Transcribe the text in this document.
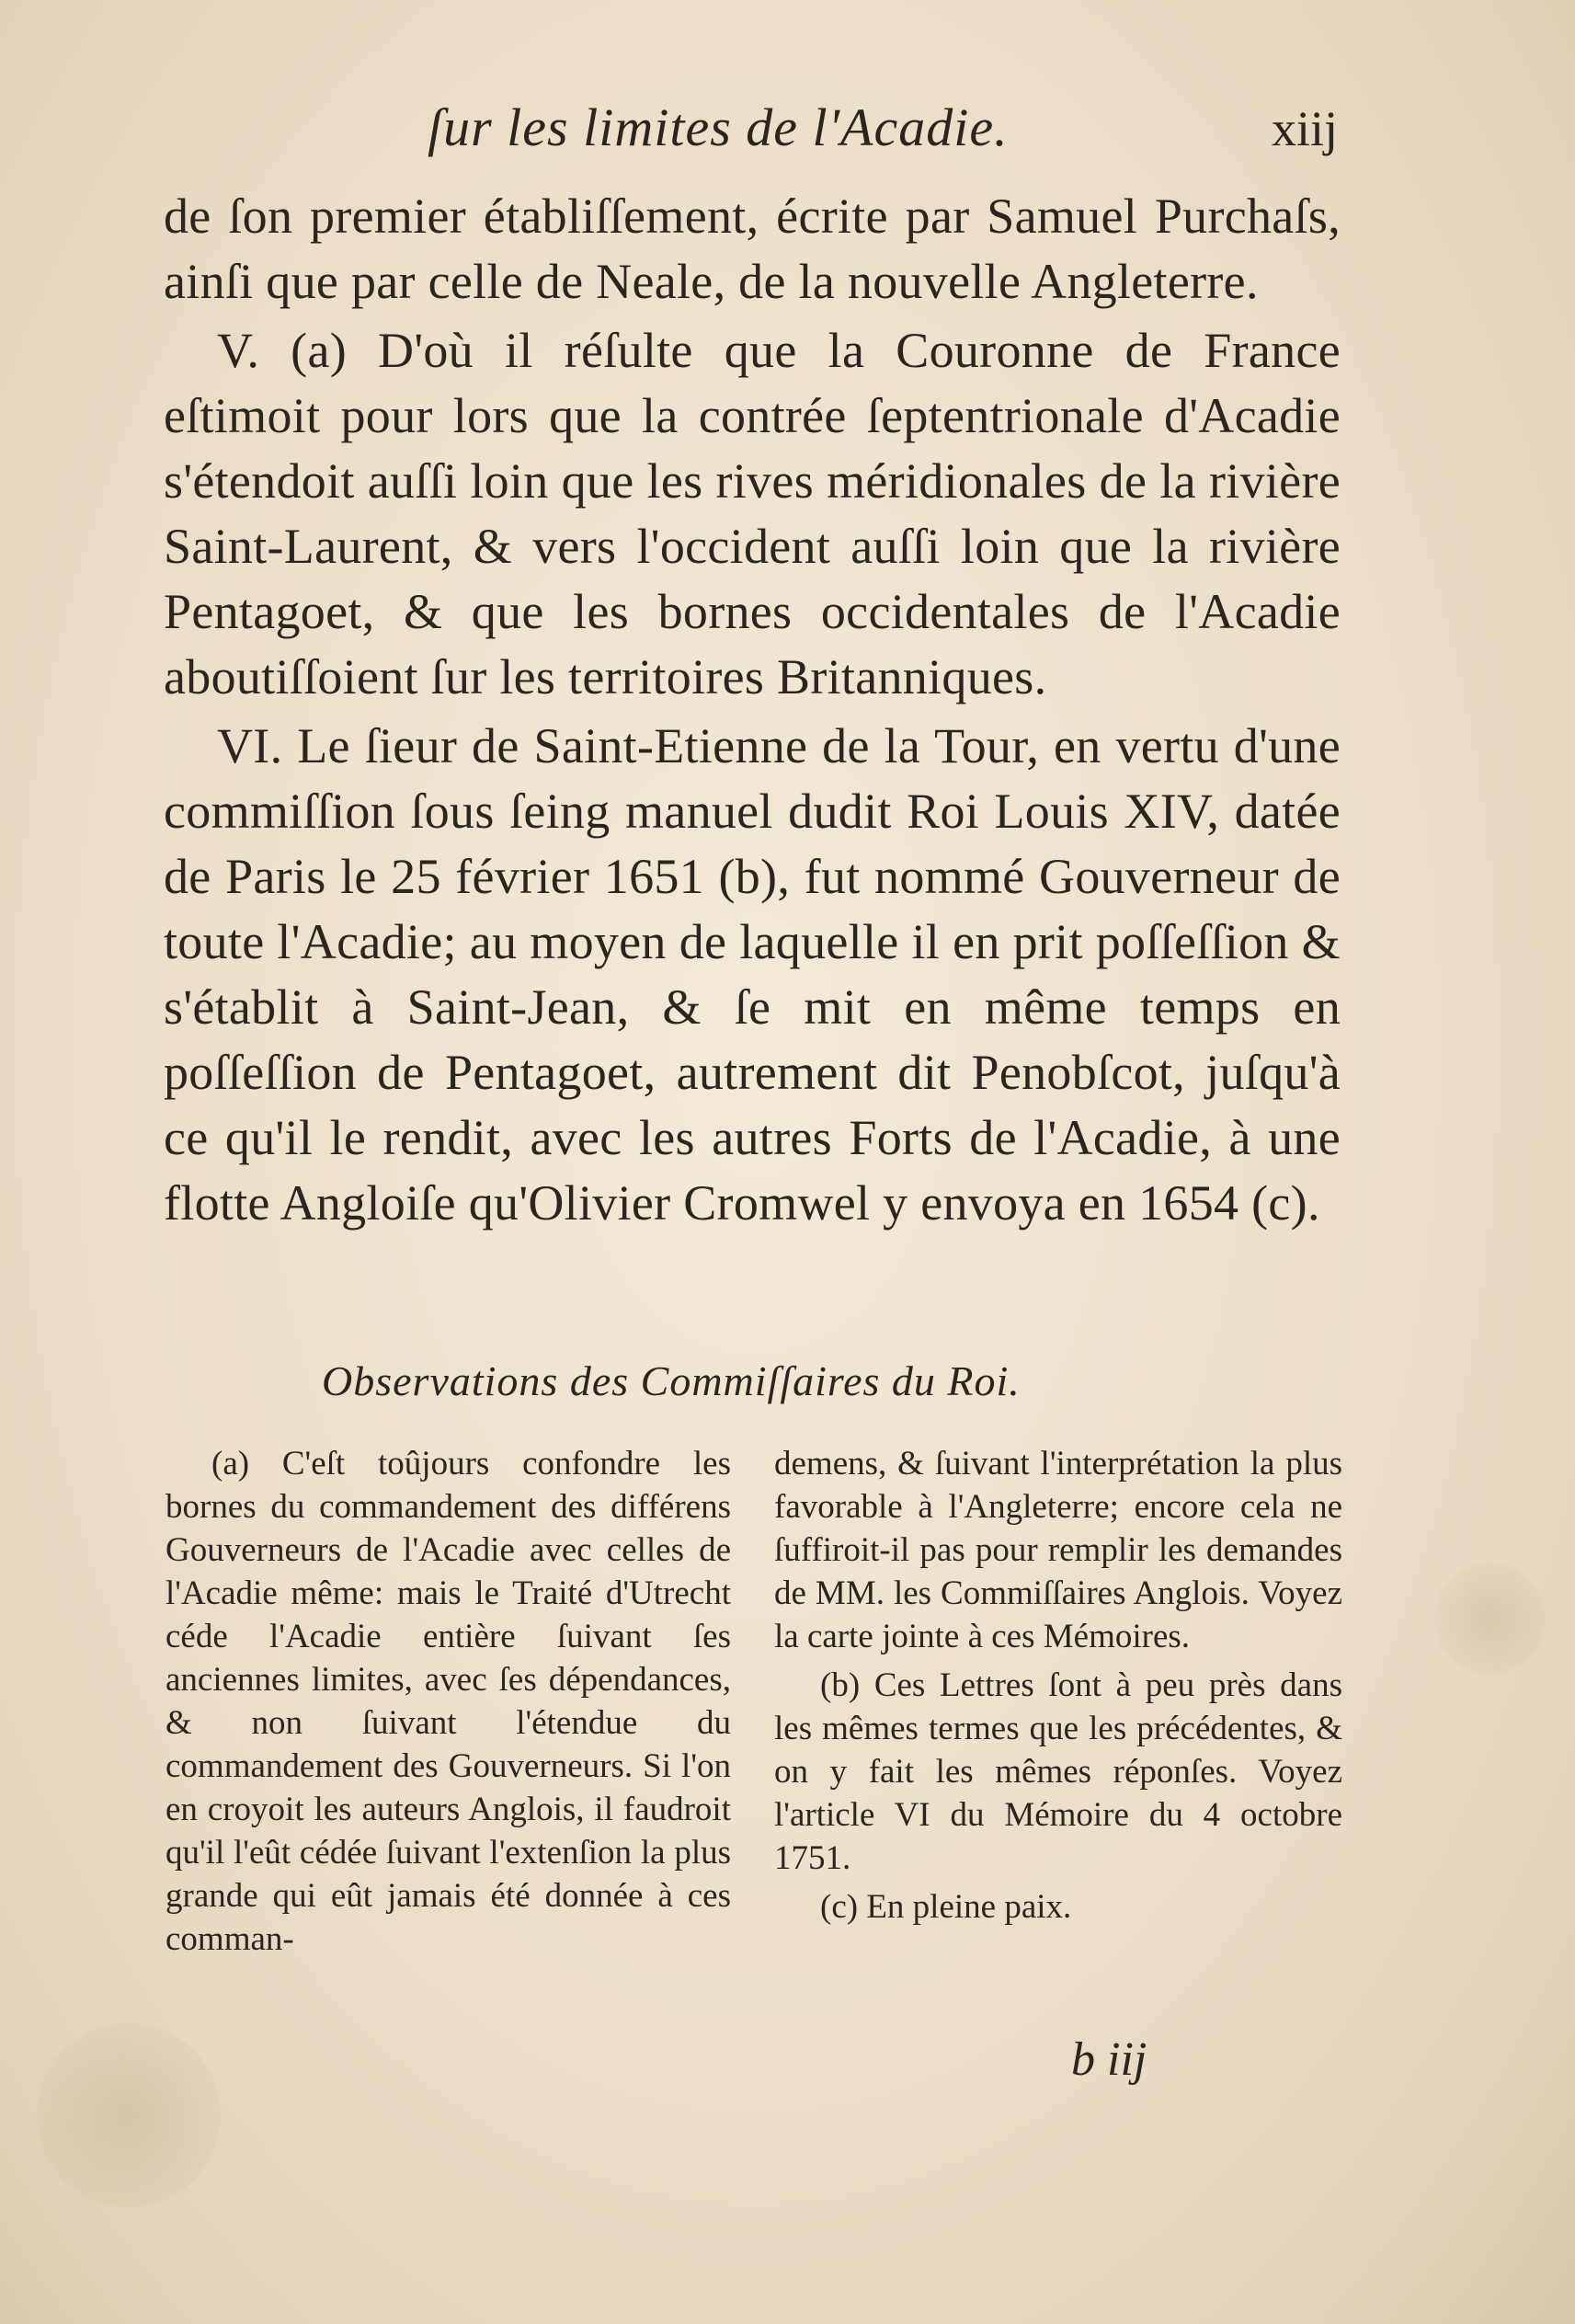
ſur les limites de l'Acadie.	xiij

de ſon premier établiſſement, écrite par Samuel Purchaſs, ainſi que par celle de Neale, de la nouvelle Angleterre.

V. (a) D'où il réſulte que la Couronne de France eſtimoit pour lors que la contrée ſeptentrionale d'Acadie s'étendoit auſſi loin que les rives méridionales de la rivière Saint-Laurent, & vers l'occident auſſi loin que la rivière Pentagoet, & que les bornes occidentales de l'Acadie aboutiſſoient ſur les territoires Britanniques.

VI. Le ſieur de Saint-Etienne de la Tour, en vertu d'une commiſſion ſous ſeing manuel dudit Roi Louis XIV, datée de Paris le 25 février 1651 (b), fut nommé Gouverneur de toute l'Acadie; au moyen de laquelle il en prit poſſeſſion & s'établit à Saint-Jean, & ſe mit en même temps en poſſeſſion de Pentagoet, autrement dit Penobſcot, juſqu'à ce qu'il le rendit, avec les autres Forts de l'Acadie, à une flotte Angloiſe qu'Olivier Cromwel y envoya en 1654 (c).

Observations des Commiſſaires du Roi.

(a) C'eſt toûjours confondre les bornes du commandement des différens Gouverneurs de l'Acadie avec celles de l'Acadie même: mais le Traité d'Utrecht céde l'Acadie entière ſuivant ſes anciennes limites, avec ſes dépendances, & non ſuivant l'étendue du commandement des Gouverneurs. Si l'on en croyoit les auteurs Anglois, il faudroit qu'il l'eût cédée ſuivant l'extenſion la plus grande qui eût jamais été donnée à ces comman-

demens, & ſuivant l'interprétation la plus favorable à l'Angleterre; encore cela ne ſuffiroit-il pas pour remplir les demandes de MM. les Commiſſaires Anglois. Voyez la carte jointe à ces Mémoires.

(b) Ces Lettres ſont à peu près dans les mêmes termes que les précédentes, & on y fait les mêmes réponſes. Voyez l'article VI du Mémoire du 4 octobre 1751.

(c) En pleine paix.

b iij
